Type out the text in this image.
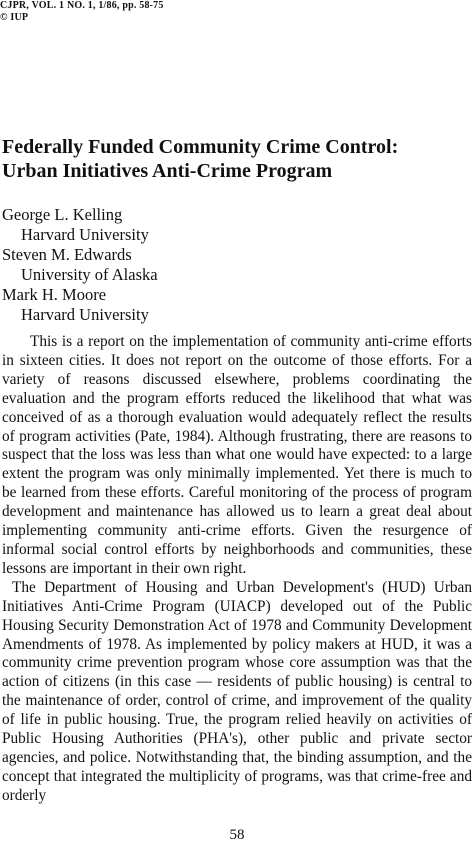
CJPR, VOL. 1 NO. 1, 1/86, pp. 58-75
© IUP
Federally Funded Community Crime Control:
Urban Initiatives Anti-Crime Program
George L. Kelling
Harvard University
Steven M. Edwards
University of Alaska
Mark H. Moore
Harvard University

This is a report on the implementation of community anti-crime efforts in sixteen cities. It does not report on the outcome of those efforts. For a variety of reasons discussed elsewhere, problems coordinating the evaluation and the program efforts reduced the likelihood that what was conceived of as a thorough evaluation would adequately reflect the results of program activities (Pate, 1984). Although frustrating, there are reasons to suspect that the loss was less than what one would have expected: to a large extent the program was only minimally implemented. Yet there is much to be learned from these efforts. Careful monitoring of the process of program development and maintenance has allowed us to learn a great deal about implementing community anti-crime efforts. Given the resurgence of informal social control efforts by neighborhoods and communities, these lessons are important in their own right.

The Department of Housing and Urban Development's (HUD) Urban Initiatives Anti-Crime Program (UIACP) developed out of the Public Housing Security Demonstration Act of 1978 and Community Development Amendments of 1978. As implemented by policy makers at HUD, it was a community crime prevention program whose core assumption was that the action of citizens (in this case — residents of public housing) is central to the maintenance of order, control of crime, and improvement of the quality of life in public housing. True, the program relied heavily on activities of Public Housing Authorities (PHA's), other public and private sector agencies, and police. Notwithstanding that, the binding assumption, and the concept that integrated the multiplicity of programs, was that crime-free and orderly

58
